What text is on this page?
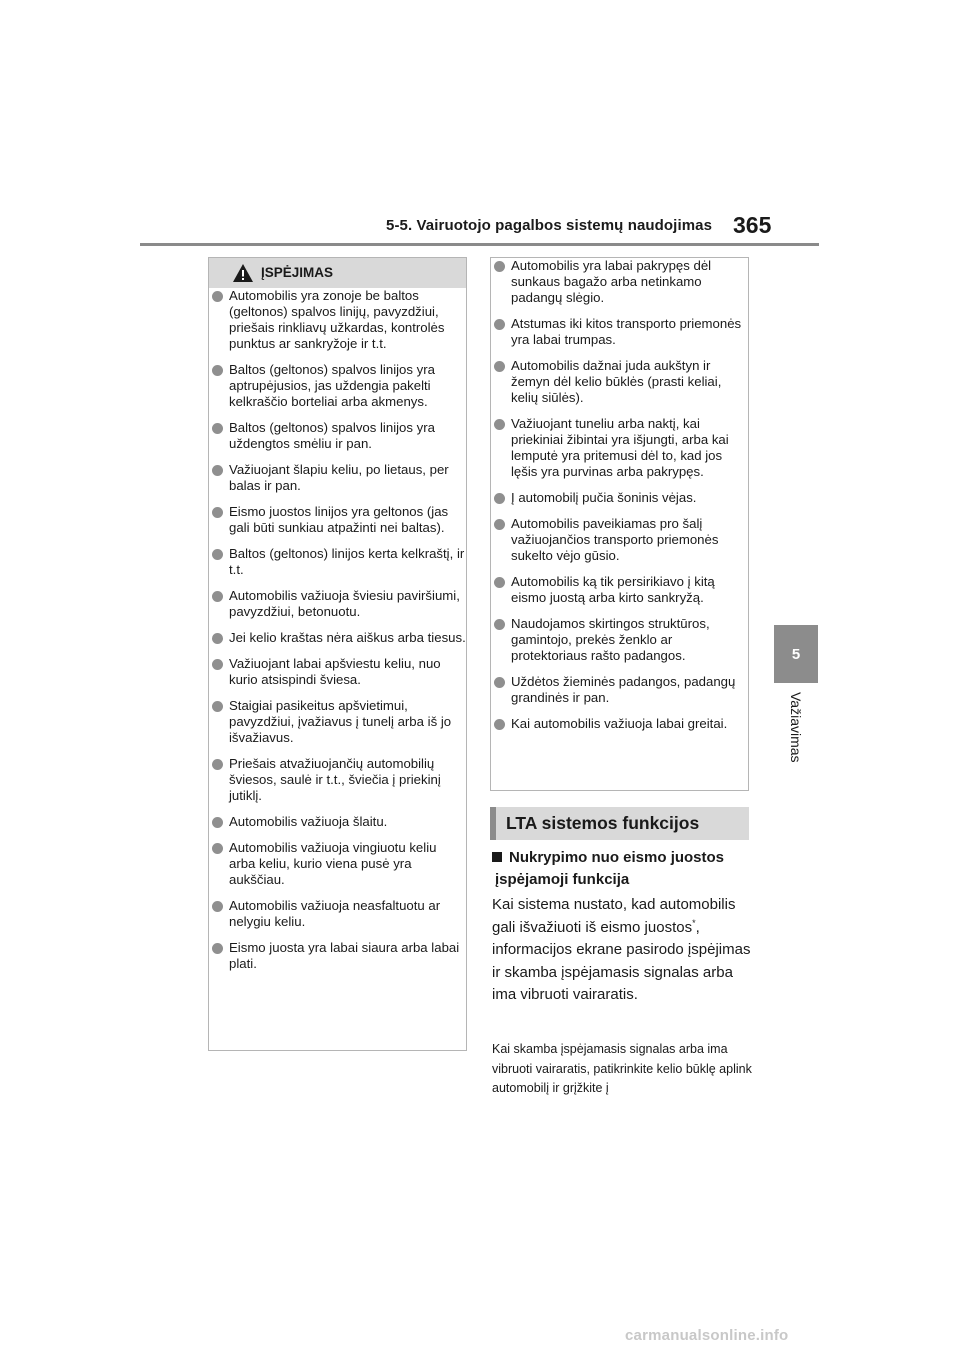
5-5. Vairuotojo pagalbos sistemų naudojimas 365
5
Važiavimas
ĮSPĖJIMAS
Automobilis yra zonoje be baltos (geltonos) spalvos linijų, pavyzdžiui, priešais rinkliavų užkardas, kontrolės punktus ar sankryžoje ir t.t.
Baltos (geltonos) spalvos linijos yra aptrupėjusios, jas uždengia pakelti kelkraščio borteliai arba akmenys.
Baltos (geltonos) spalvos linijos yra uždengtos smėliu ir pan.
Važiuojant šlapiu keliu, po lietaus, per balas ir pan.
Eismo juostos linijos yra geltonos (jas gali būti sunkiau atpažinti nei baltas).
Baltos (geltonos) linijos kerta kelkraštį, ir t.t.
Automobilis važiuoja šviesiu paviršiumi, pavyzdžiui, betonuotu.
Jei kelio kraštas nėra aiškus arba tiesus.
Važiuojant labai apšviestu keliu, nuo kurio atsispindi šviesa.
Staigiai pasikeitus apšvietimui, pavyzdžiui, įvažiavus į tunelį arba iš jo išvažiavus.
Priešais atvažiuojančių automobilių šviesos, saulė ir t.t., šviečia į priekinį jutiklį.
Automobilis važiuoja šlaitu.
Automobilis važiuoja vingiuotu keliu arba keliu, kurio viena pusė yra aukščiau.
Automobilis važiuoja neasfaltuotu ar nelygiu keliu.
Eismo juosta yra labai siaura arba labai plati.
Automobilis yra labai pakrypęs dėl sunkaus bagažo arba netinkamo padangų slėgio.
Atstumas iki kitos transporto priemonės yra labai trumpas.
Automobilis dažnai juda aukštyn ir žemyn dėl kelio būklės (prasti keliai, kelių siūlės).
Važiuojant tuneliu arba naktį, kai priekiniai žibintai yra išjungti, arba kai lemputė yra pritemusi dėl to, kad jos lęšis yra purvinas arba pakrypęs.
Į automobilį pučia šoninis vėjas.
Automobilis paveikiamas pro šalį važiuojančios transporto priemonės sukelto vėjo gūsio.
Automobilis ką tik persirikiavo į kitą eismo juostą arba kirto sankryžą.
Naudojamos skirtingos struktūros, gamintojo, prekės ženklo ar protektoriaus rašto padangos.
Uždėtos žieminės padangos, padangų grandinės ir pan.
Kai automobilis važiuoja labai greitai.
LTA sistemos funkcijos
Nukrypimo nuo eismo juostos
įspėjamoji funkcija
Kai sistema nustato, kad automobilis gali išvažiuoti iš eismo juostos*, informacijos ekrane pasirodo įspėjimas ir skamba įspėjamasis signalas arba ima vibruoti vairaratis.
Kai skamba įspėjamasis signalas arba ima vibruoti vairaratis, patikrinkite kelio būklę aplink automobilį ir grįžkite į
carmanualsonline.info
